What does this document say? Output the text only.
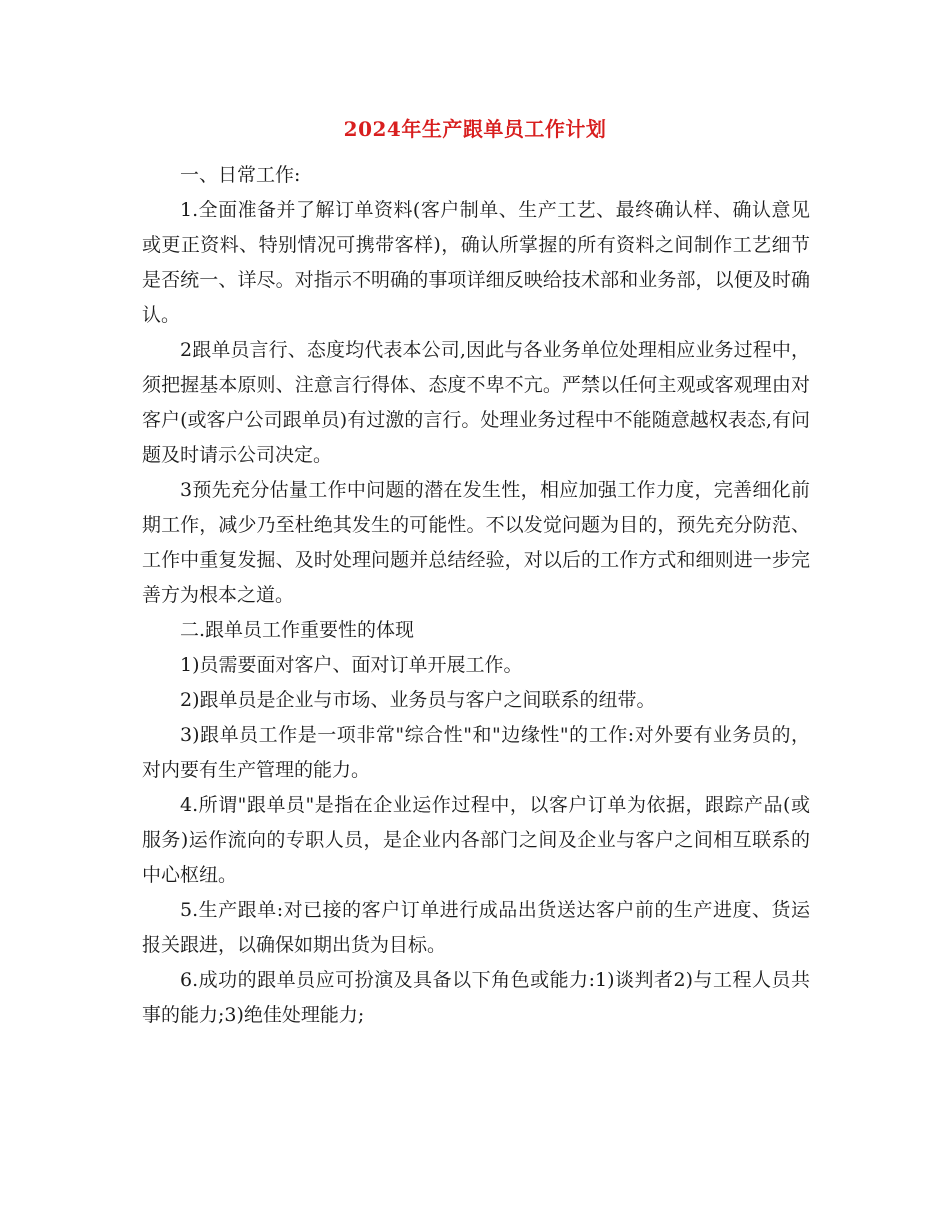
2024年生产跟单员工作计划

一、日常工作:

1.全面准备并了解订单资料(客户制单、生产工艺、最终确认样、确认意见或更正资料、特别情况可携带客样)，确认所掌握的所有资料之间制作工艺细节是否统一、详尽。对指示不明确的事项详细反映给技术部和业务部，以便及时确认。

2跟单员言行、态度均代表本公司,因此与各业务单位处理相应业务过程中，须把握基本原则、注意言行得体、态度不卑不亢。严禁以任何主观或客观理由对客户(或客户公司跟单员)有过激的言行。处理业务过程中不能随意越权表态,有问题及时请示公司决定。

3预先充分估量工作中问题的潜在发生性，相应加强工作力度，完善细化前期工作，减少乃至杜绝其发生的可能性。不以发觉问题为目的，预先充分防范、工作中重复发掘、及时处理问题并总结经验，对以后的工作方式和细则进一步完善方为根本之道。

二.跟单员工作重要性的体现

1)员需要面对客户、面对订单开展工作。

2)跟单员是企业与市场、业务员与客户之间联系的纽带。

3)跟单员工作是一项非常"综合性"和"边缘性"的工作:对外要有业务员的，对内要有生产管理的能力。

4.所谓"跟单员"是指在企业运作过程中，以客户订单为依据，跟踪产品(或服务)运作流向的专职人员，是企业内各部门之间及企业与客户之间相互联系的中心枢纽。

5.生产跟单:对已接的客户订单进行成品出货送达客户前的生产进度、货运报关跟进，以确保如期出货为目标。

6.成功的跟单员应可扮演及具备以下角色或能力:1)谈判者2)与工程人员共事的能力;3)绝佳处理能力;
